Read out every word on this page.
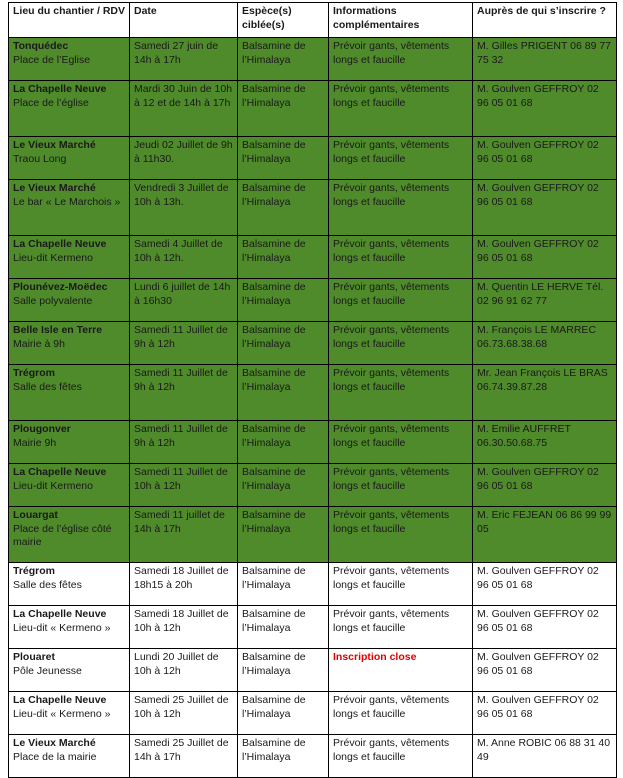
Lieu du chantier / RDV	Date	Espèce(s) ciblée(s)	Informations complémentaires	Auprès de qui s’inscrire ?

Tonquédec
Place de l’Eglise	Samedi 27 juin de 14h à 17h	Balsamine de l’Himalaya	Prévoir gants, vêtements longs et faucille	M. Gilles PRIGENT 06 89 77 75 32

La Chapelle Neuve
Place de l’église	Mardi 30 Juin de 10h à 12 et de 14h à 17h	Balsamine de l’Himalaya	Prévoir gants, vêtements longs et faucille	M. Goulven GEFFROY 02 96 05 01 68

Le Vieux Marché
Traou Long	Jeudi 02 Juillet de 9h à 11h30.	Balsamine de l’Himalaya	Prévoir gants, vêtements longs et faucille	M. Goulven GEFFROY 02 96 05 01 68

Le Vieux Marché
Le bar « Le Marchois »	Vendredi 3 Juillet de 10h à 13h.	Balsamine de l’Himalaya	Prévoir gants, vêtements longs et faucille	M. Goulven GEFFROY 02 96 05 01 68

La Chapelle Neuve
Lieu-dit Kermeno	Samedi 4 Juillet de 10h à 12h.	Balsamine de l’Himalaya	Prévoir gants, vêtements longs et faucille	M. Goulven GEFFROY 02 96 05 01 68

Plounévez-Moëdec
Salle polyvalente	Lundi 6 juillet de 14h à 16h30	Balsamine de l’Himalaya	Prévoir gants, vêtements longs et faucille	M. Quentin LE HERVE Tél. 02 96 91 62 77

Belle Isle en Terre
Mairie à 9h	Samedi 11 Juillet de 9h à 12h	Balsamine de l’Himalaya	Prévoir gants, vêtements longs et faucille	M. François LE MARREC 06.73.68.38.68

Trégrom
Salle des fêtes	Samedi 11 Juillet de 9h à 12h	Balsamine de l’Himalaya	Prévoir gants, vêtements longs et faucille	Mr. Jean François LE BRAS 06.74.39.87.28

Plougonver
Mairie 9h	Samedi 11 Juillet de 9h à 12h	Balsamine de l’Himalaya	Prévoir gants, vêtements longs et faucille	M. Emilie AUFFRET 06.30.50.68.75

La Chapelle Neuve
Lieu-dit Kermeno	Samedi 11 Juillet de 10h à 12h	Balsamine de l’Himalaya	Prévoir gants, vêtements longs et faucille	M. Goulven GEFFROY 02 96 05 01 68

Louargat
Place de l’église côté mairie	Samedi 11 juillet de 14h à 17h	Balsamine de l’Himalaya	Prévoir gants, vêtements longs et faucille	M. Eric FEJEAN 06 86 99 99 05

Trégrom
Salle des fêtes	Samedi 18 Juillet de 18h15 à 20h	Balsamine de l’Himalaya	Prévoir gants, vêtements longs et faucille	M. Goulven GEFFROY 02 96 05 01 68

La Chapelle Neuve
Lieu-dit « Kermeno »	Samedi 18 Juillet de 10h à 12h	Balsamine de l’Himalaya	Prévoir gants, vêtements longs et faucille	M. Goulven GEFFROY 02 96 05 01 68

Plouaret
Pôle Jeunesse	Lundi 20 Juillet de 10h à 12h	Balsamine de l’Himalaya	Inscription close	M. Goulven GEFFROY 02 96 05 01 68

La Chapelle Neuve
Lieu-dit « Kermeno »	Samedi 25 Juillet de 10h à 12h	Balsamine de l’Himalaya	Prévoir gants, vêtements longs et faucille	M. Goulven GEFFROY 02 96 05 01 68

Le Vieux Marché
Place de la mairie	Samedi 25 Juillet de 14h à 17h	Balsamine de l’Himalaya	Prévoir gants, vêtements longs et faucille	M. Anne ROBIC 06 88 31 40 49
